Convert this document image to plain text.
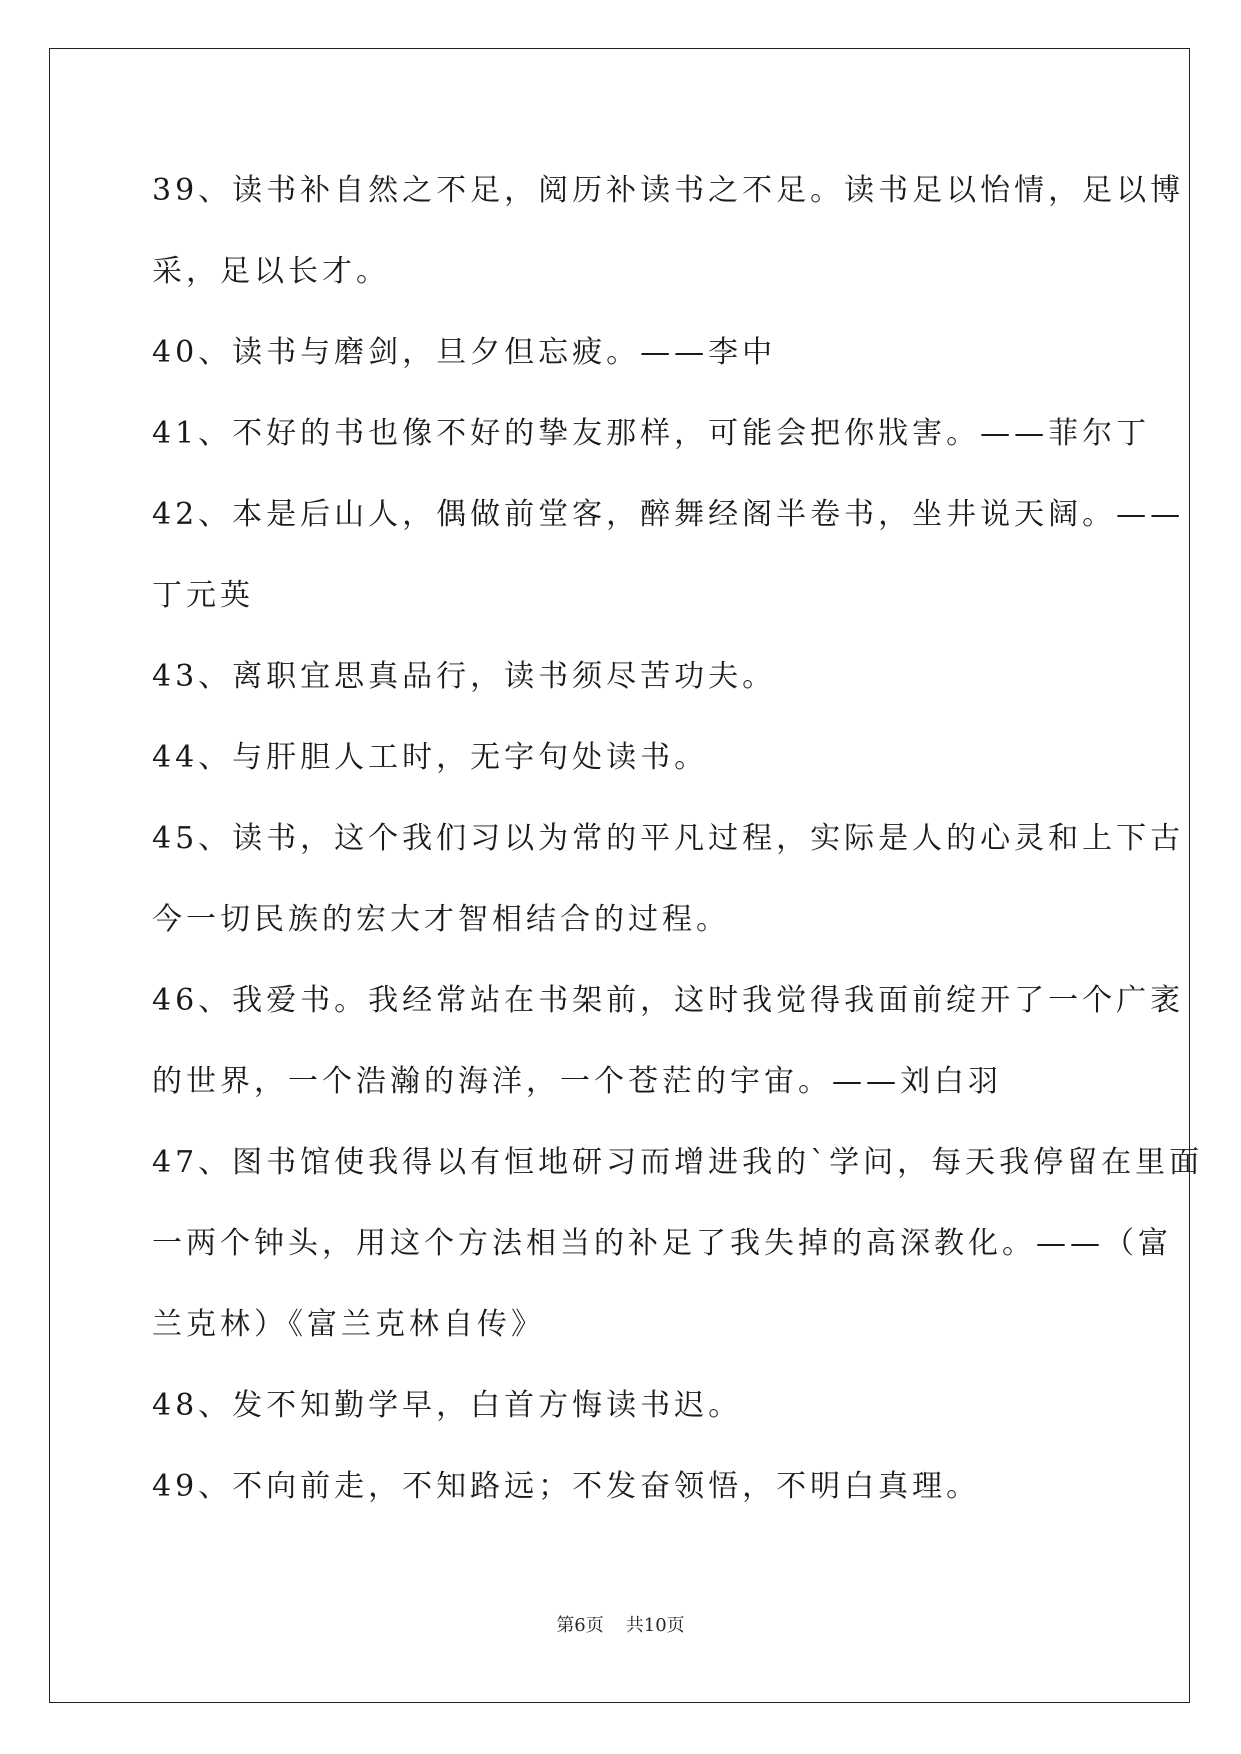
39、读书补自然之不足，阅历补读书之不足。读书足以怡情，足以博
采，足以长才。
40、读书与磨剑，旦夕但忘疲。——李中
41、不好的书也像不好的挚友那样，可能会把你戕害。——菲尔丁
42、本是后山人，偶做前堂客，醉舞经阁半卷书，坐井说天阔。——
丁元英
43、离职宜思真品行，读书须尽苦功夫。
44、与肝胆人工时，无字句处读书。
45、读书，这个我们习以为常的平凡过程，实际是人的心灵和上下古
今一切民族的宏大才智相结合的过程。
46、我爱书。我经常站在书架前，这时我觉得我面前绽开了一个广袤
的世界，一个浩瀚的海洋，一个苍茫的宇宙。——刘白羽
47、图书馆使我得以有恒地研习而增进我的`学问，每天我停留在里面
一两个钟头，用这个方法相当的补足了我失掉的高深教化。——（富
兰克林）《富兰克林自传》
48、发不知勤学早，白首方悔读书迟。
49、不向前走，不知路远；不发奋领悟，不明白真理。
第6页 共10页
